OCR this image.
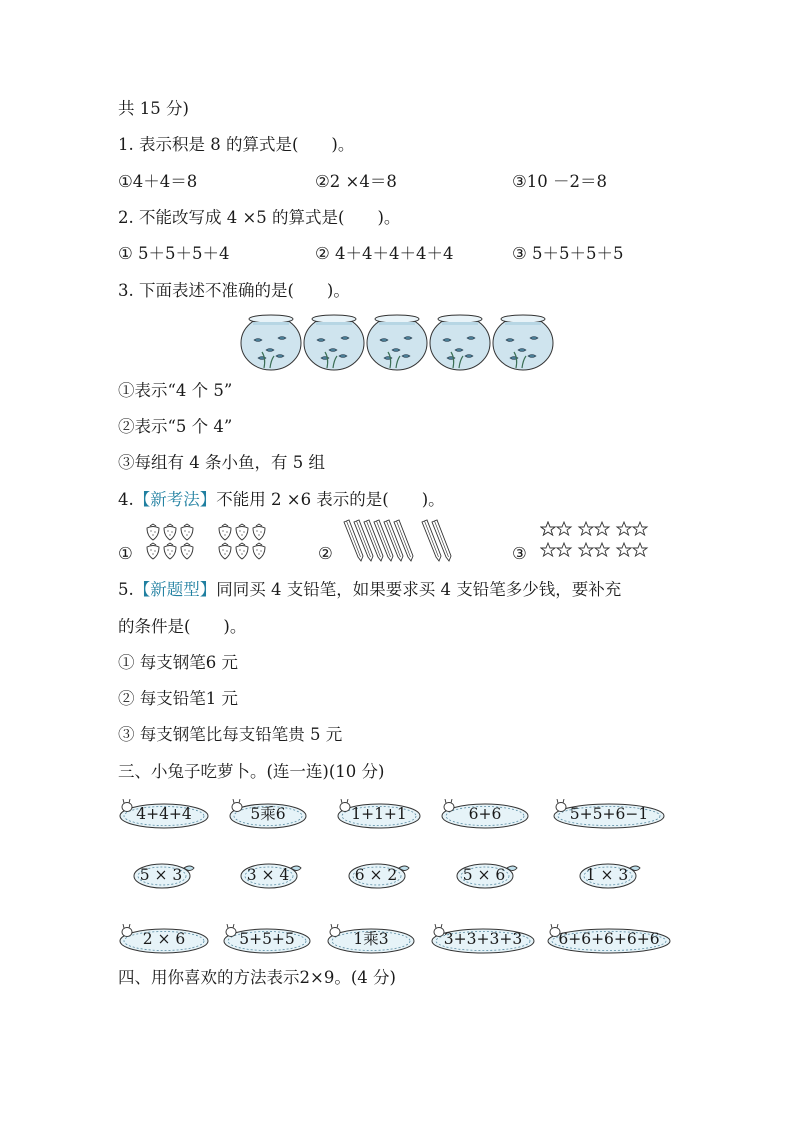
共 15 分)
1. 表示积是 8 的算式是(　　)。
①4＋4＝8	②2 ×4＝8	③10 －2＝8
2. 不能改写成 4 ×5 的算式是(　　)。
① 5＋5＋5＋4	② 4＋4＋4＋4＋4	③ 5＋5＋5＋5
3. 下面表述不准确的是(　　)。
①表示“4 个 5”
②表示“5 个 4”
③每组有 4 条小鱼，有 5 组
4.【新考法】不能用 2 ×6 表示的是(　　)。
①	②	③
5.【新题型】同同买 4 支铅笔，如果要求买 4 支铅笔多少钱，要补充
的条件是(　　)。
① 每支钢笔6 元
② 每支铅笔1 元
③ 每支钢笔比每支铅笔贵 5 元
三、小兔子吃萝卜。(连一连)(10 分)
4+4+4	5乘6	1+1+1	6+6	5+5+6−1
5 × 3	3 × 4	6 × 2	5 × 6	1 × 3
2 × 6	5+5+5	1乘3	3+3+3+3	6+6+6+6+6
四、用你喜欢的方法表示2×9。(4 分)
